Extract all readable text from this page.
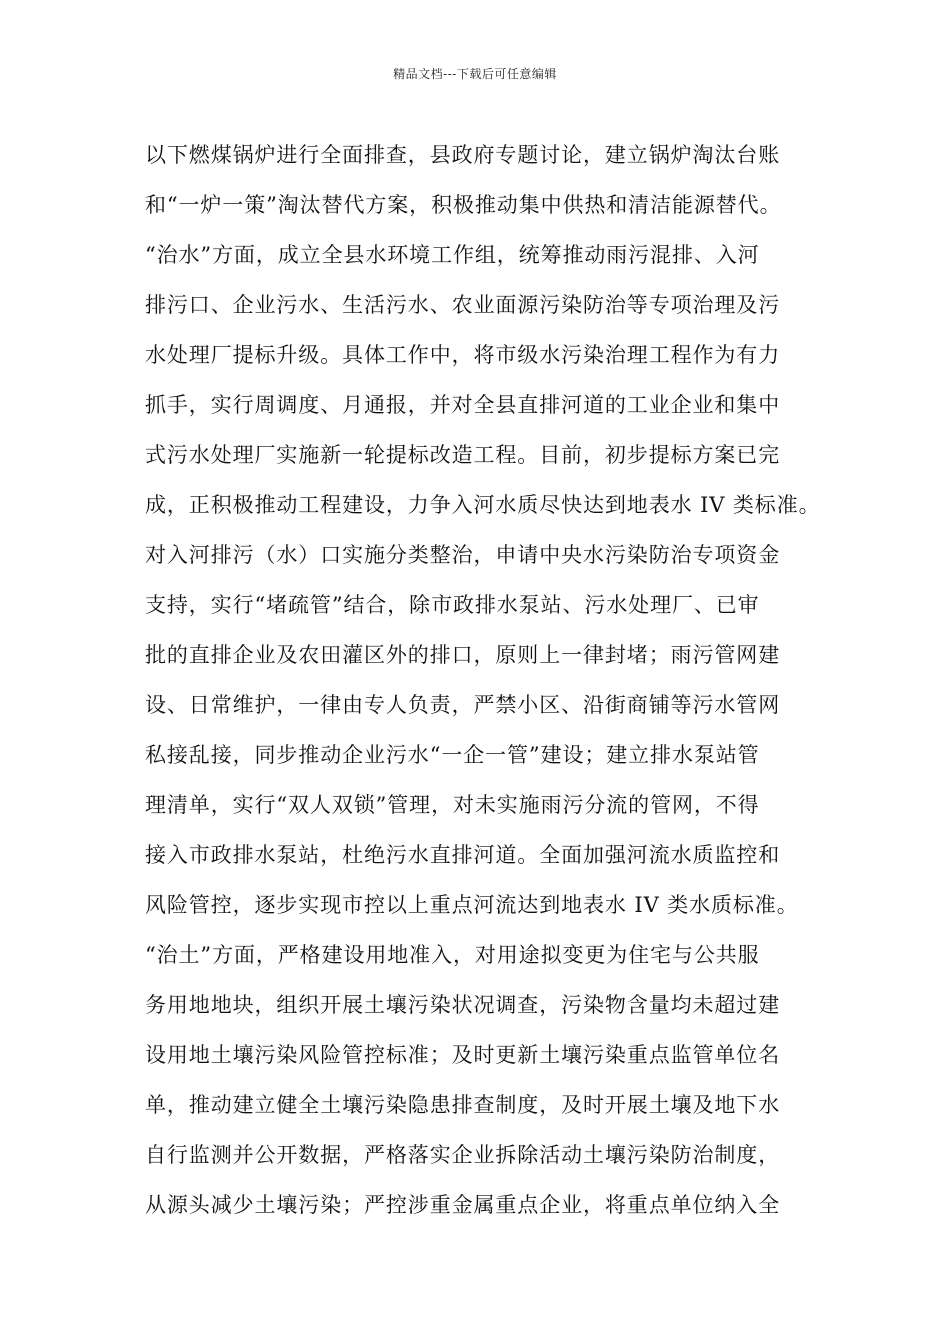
精品文档---下载后可任意编辑
以下燃煤锅炉进行全面排查，县政府专题讨论，建立锅炉淘汰台账
和“一炉一策”淘汰替代方案，积极推动集中供热和清洁能源替代。
“治水”方面，成立全县水环境工作组，统筹推动雨污混排、入河
排污口、企业污水、生活污水、农业面源污染防治等专项治理及污
水处理厂提标升级。具体工作中，将市级水污染治理工程作为有力
抓手，实行周调度、月通报，并对全县直排河道的工业企业和集中
式污水处理厂实施新一轮提标改造工程。目前，初步提标方案已完
成，正积极推动工程建设，力争入河水质尽快达到地表水 IV 类标准。
对入河排污（水）口实施分类整治，申请中央水污染防治专项资金
支持，实行“堵疏管”结合，除市政排水泵站、污水处理厂、已审
批的直排企业及农田灌区外的排口，原则上一律封堵；雨污管网建
设、日常维护，一律由专人负责，严禁小区、沿街商铺等污水管网
私接乱接，同步推动企业污水“一企一管”建设；建立排水泵站管
理清单，实行“双人双锁”管理，对未实施雨污分流的管网，不得
接入市政排水泵站，杜绝污水直排河道。全面加强河流水质监控和
风险管控，逐步实现市控以上重点河流达到地表水 IV 类水质标准。
“治土”方面，严格建设用地准入，对用途拟变更为住宅与公共服
务用地地块，组织开展土壤污染状况调查，污染物含量均未超过建
设用地土壤污染风险管控标准；及时更新土壤污染重点监管单位名
单，推动建立健全土壤污染隐患排查制度，及时开展土壤及地下水
自行监测并公开数据，严格落实企业拆除活动土壤污染防治制度，
从源头减少土壤污染；严控涉重金属重点企业，将重点单位纳入全
